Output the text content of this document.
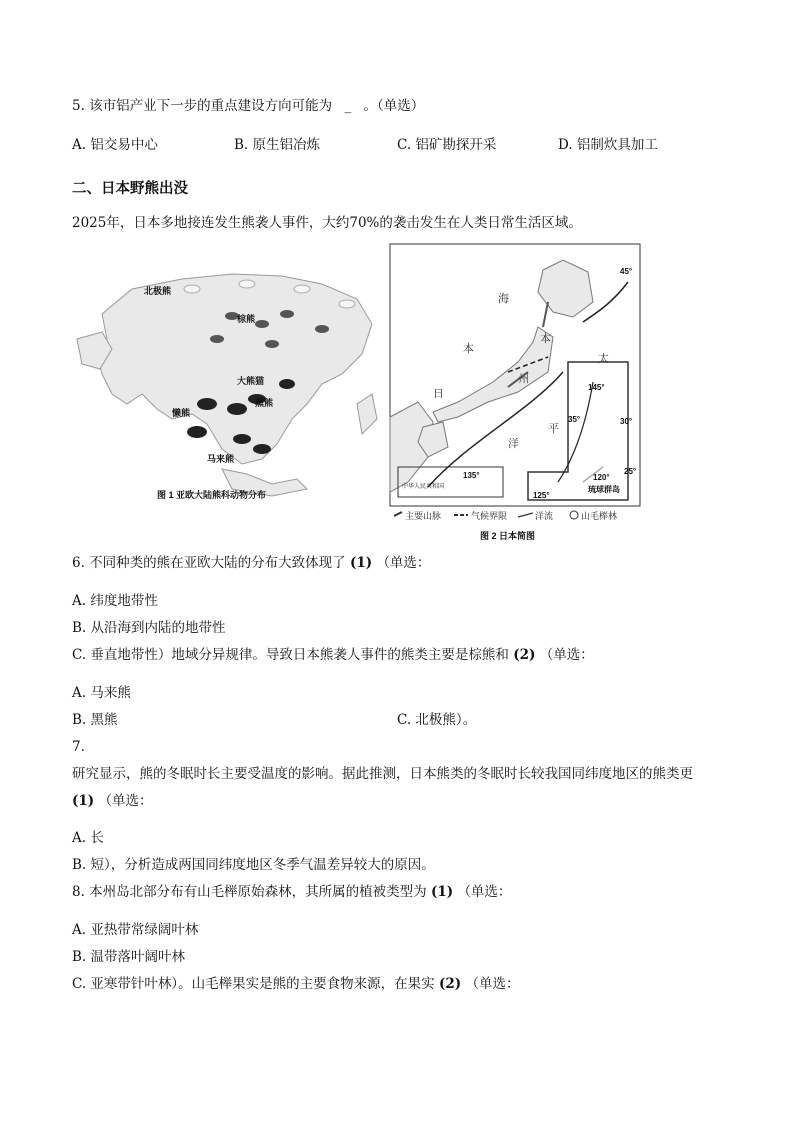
5. 该市铝产业下一步的重点建设方向可能为 _ 。（单选）
A. 铝交易中心	B. 原生铝冶炼	C. 铝矿勘探开采	D. 铝制炊具加工
二、日本野熊出没
2025年，日本多地接连发生熊袭人事件，大约70%的袭击发生在人类日常生活区域。
北极熊
棕熊
大熊猫
懒熊
黑熊
马来熊
图 1 亚欧大陆熊科动物分布
本
海
日
太
平
洋
本
州
45°
145°
35°
135°
30°
125°
120°
25°
琉球群岛
中华人民共和国
主要山脉	气候界限	洋流	山毛榉林
图 2 日本简图
6. 不同种类的熊在亚欧大陆的分布大致体现了 (1) （单选：
A. 纬度地带性
B. 从沿海到内陆的地带性
C. 垂直地带性）地域分异规律。导致日本熊袭人事件的熊类主要是棕熊和 (2) （单选：
A. 马来熊
B. 黑熊	C. 北极熊）。
7.
研究显示，熊的冬眠时长主要受温度的影响。据此推测，日本熊类的冬眠时长较我国同纬度地区的熊类更
(1) （单选：
A. 长
B. 短），分析造成两国同纬度地区冬季气温差异较大的原因。
8. 本州岛北部分布有山毛榉原始森林，其所属的植被类型为 (1) （单选：
A. 亚热带常绿阔叶林
B. 温带落叶阔叶林
C. 亚寒带针叶林）。山毛榉果实是熊的主要食物来源，在果实 (2) （单选：
